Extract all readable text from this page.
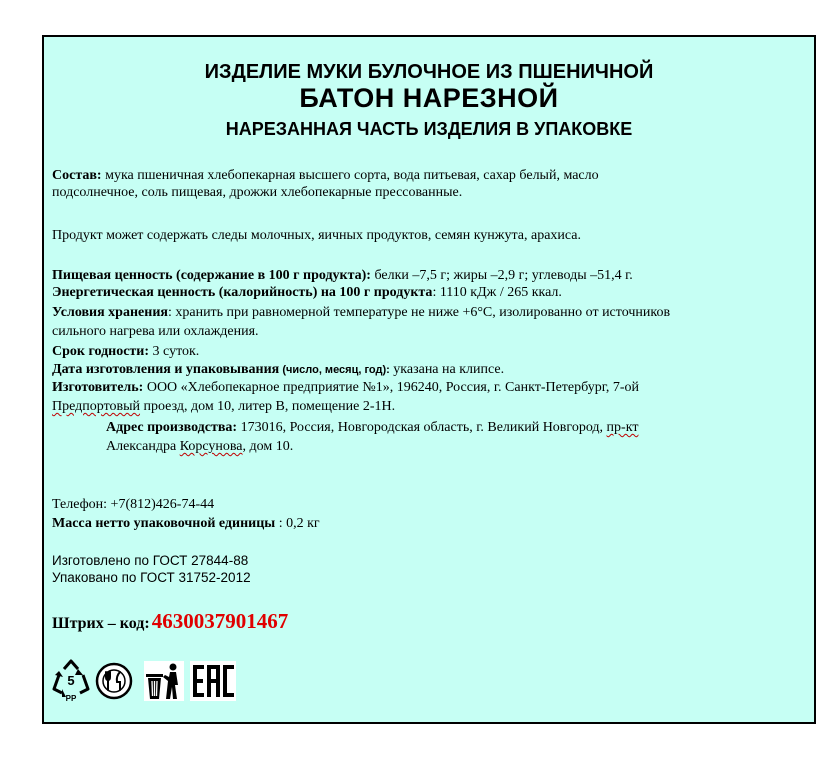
ИЗДЕЛИЕ МУКИ БУЛОЧНОЕ ИЗ ПШЕНИЧНОЙ
БАТОН НАРЕЗНОЙ
НАРЕЗАННАЯ ЧАСТЬ ИЗДЕЛИЯ В УПАКОВКЕ
Состав: мука пшеничная хлебопекарная высшего сорта, вода питьевая, сахар белый, масло
подсолнечное, соль пищевая, дрожжи хлебопекарные прессованные.
Продукт может содержать следы молочных, яичных продуктов, семян кунжута, арахиса.
Пищевая ценность (содержание в 100 г продукта): белки –7,5 г; жиры –2,9 г; углеводы –51,4 г.
Энергетическая ценность (калорийность) на 100 г продукта: 1110 кДж / 265 ккал.
Условия хранения: хранить при равномерной температуре не ниже +6°С, изолированно от источников
сильного нагрева или охлаждения.
Срок годности: 3 суток.
Дата изготовления и упаковывания (число, месяц, год): указана на клипсе.
Изготовитель: ООО «Хлебопекарное предприятие №1», 196240, Россия, г. Санкт-Петербург, 7-ой
Предпортовый проезд, дом 10, литер В, помещение 2-1Н.
Адрес производства: 173016, Россия, Новгородская область, г. Великий Новгород, пр-кт
Александра Корсунова, дом 10.
Телефон: +7(812)426-74-44
Масса нетто упаковочной единицы : 0,2 кг
Изготовлено по ГОСТ 27844-88
Упаковано по ГОСТ 31752-2012
Штрих – код:4630037901467
5
PP
